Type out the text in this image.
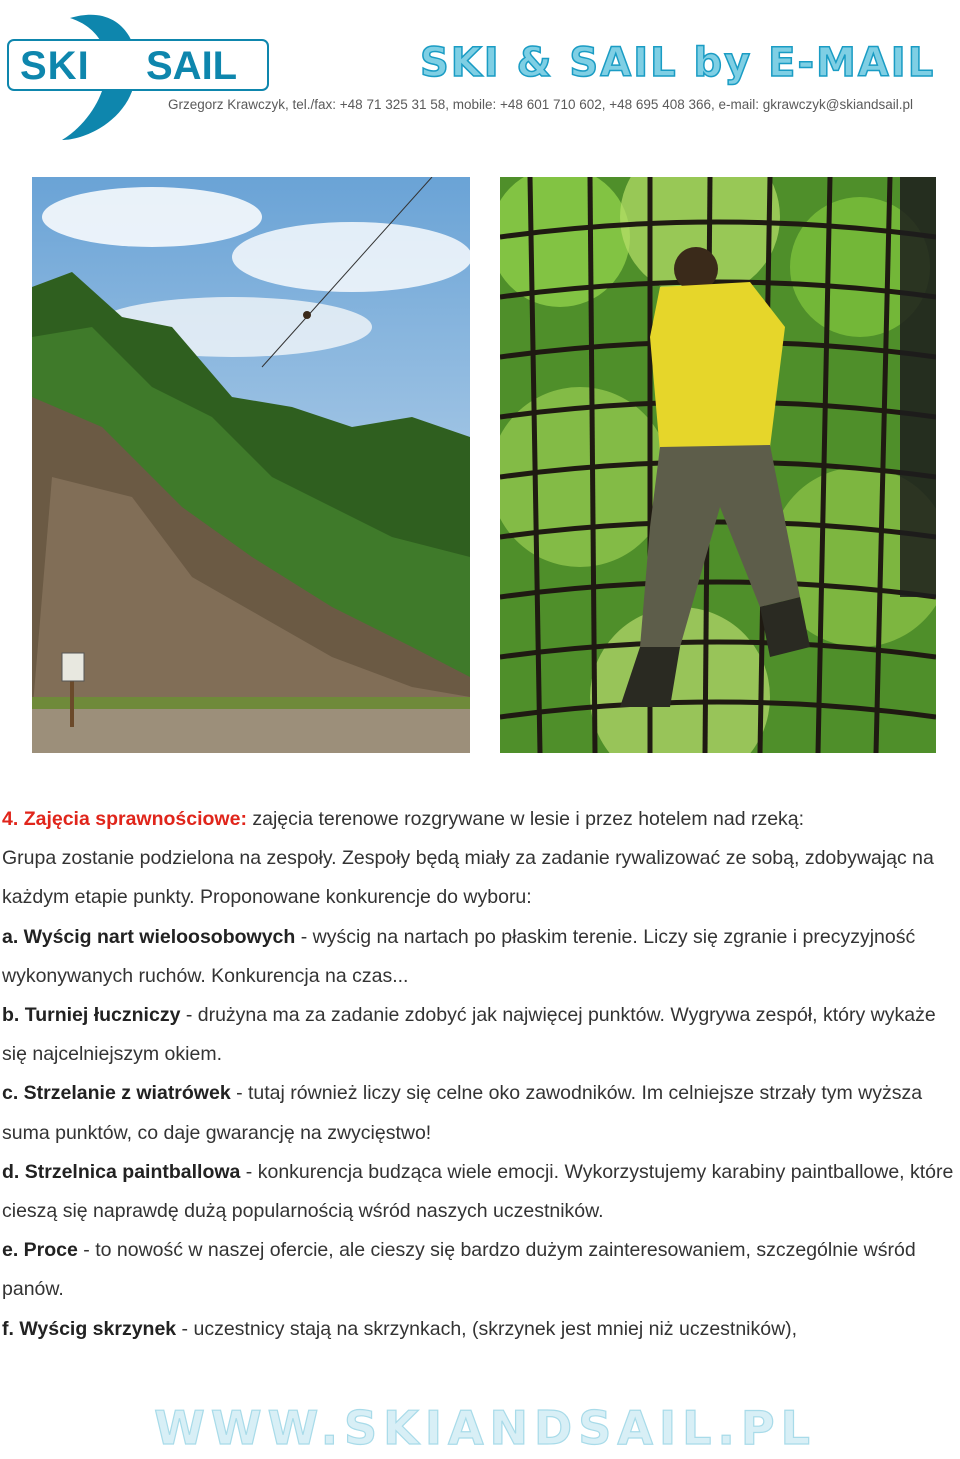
SKI & SAIL	SKI & SAIL by E-MAIL
Grzegorz Krawczyk, tel./fax: +48 71 325 31 58, mobile: +48 601 710 602, +48 695 408 366, e-mail: gkrawczyk@skiandsail.pl

4. Zajęcia sprawnościowe: zajęcia terenowe rozgrywane w lesie i przez hotelem nad rzeką:

Grupa zostanie podzielona na zespoły. Zespoły będą miały za zadanie rywalizować ze sobą, zdobywając na każdym etapie punkty. Proponowane konkurencje do wyboru:

a. Wyścig nart wieloosobowych - wyścig na nartach po płaskim terenie. Liczy się zgranie i precyzyjność wykonywanych ruchów. Konkurencja na czas...

b. Turniej łuczniczy - drużyna ma za zadanie zdobyć jak najwięcej punktów. Wygrywa zespół, który wykaże się najcelniejszym okiem.

c. Strzelanie z wiatrówek - tutaj również liczy się celne oko zawodników. Im celniejsze strzały tym wyższa suma punktów, co daje gwarancję na zwycięstwo!

d. Strzelnica paintballowa - konkurencja budząca wiele emocji. Wykorzystujemy karabiny paintballowe, które cieszą się naprawdę dużą popularnością wśród naszych uczestników.

e. Proce - to nowość w naszej ofercie, ale cieszy się bardzo dużym zainteresowaniem, szczególnie wśród panów.

f. Wyścig skrzynek - uczestnicy stają na skrzynkach, (skrzynek jest mniej niż uczestników),

WWW.SKIANDSAIL.PL
